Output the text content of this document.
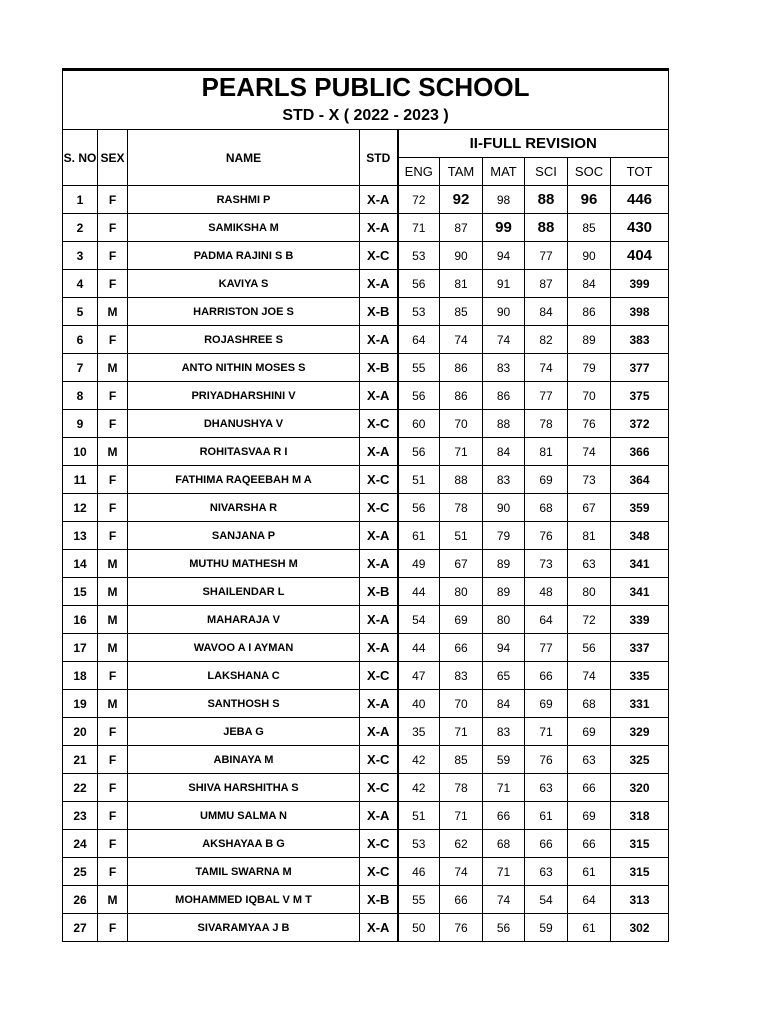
PEARLS PUBLIC SCHOOL									
STD - X ( 2022 - 2023 )									
S. NO	SEX	NAME	STD	II-FULL REVISION					
				ENG	TAM	MAT	SCI	SOC	TOT
1	F	RASHMI P	X-A	72	92	98	88	96	446
2	F	SAMIKSHA M	X-A	71	87	99	88	85	430
3	F	PADMA RAJINI S B	X-C	53	90	94	77	90	404
4	F	KAVIYA S	X-A	56	81	91	87	84	399
5	M	HARRISTON JOE S	X-B	53	85	90	84	86	398
6	F	ROJASHREE S	X-A	64	74	74	82	89	383
7	M	ANTO NITHIN MOSES S	X-B	55	86	83	74	79	377
8	F	PRIYADHARSHINI V	X-A	56	86	86	77	70	375
9	F	DHANUSHYA V	X-C	60	70	88	78	76	372
10	M	ROHITASVAA R I	X-A	56	71	84	81	74	366
11	F	FATHIMA RAQEEBAH M A	X-C	51	88	83	69	73	364
12	F	NIVARSHA R	X-C	56	78	90	68	67	359
13	F	SANJANA P	X-A	61	51	79	76	81	348
14	M	MUTHU MATHESH M	X-A	49	67	89	73	63	341
15	M	SHAILENDAR L	X-B	44	80	89	48	80	341
16	M	MAHARAJA V	X-A	54	69	80	64	72	339
17	M	WAVOO A I AYMAN	X-A	44	66	94	77	56	337
18	F	LAKSHANA C	X-C	47	83	65	66	74	335
19	M	SANTHOSH S	X-A	40	70	84	69	68	331
20	F	JEBA G	X-A	35	71	83	71	69	329
21	F	ABINAYA M	X-C	42	85	59	76	63	325
22	F	SHIVA HARSHITHA S	X-C	42	78	71	63	66	320
23	F	UMMU SALMA N	X-A	51	71	66	61	69	318
24	F	AKSHAYAA B G	X-C	53	62	68	66	66	315
25	F	TAMIL SWARNA M	X-C	46	74	71	63	61	315
26	M	MOHAMMED IQBAL V M T	X-B	55	66	74	54	64	313
27	F	SIVARAMYAA J B	X-A	50	76	56	59	61	302
